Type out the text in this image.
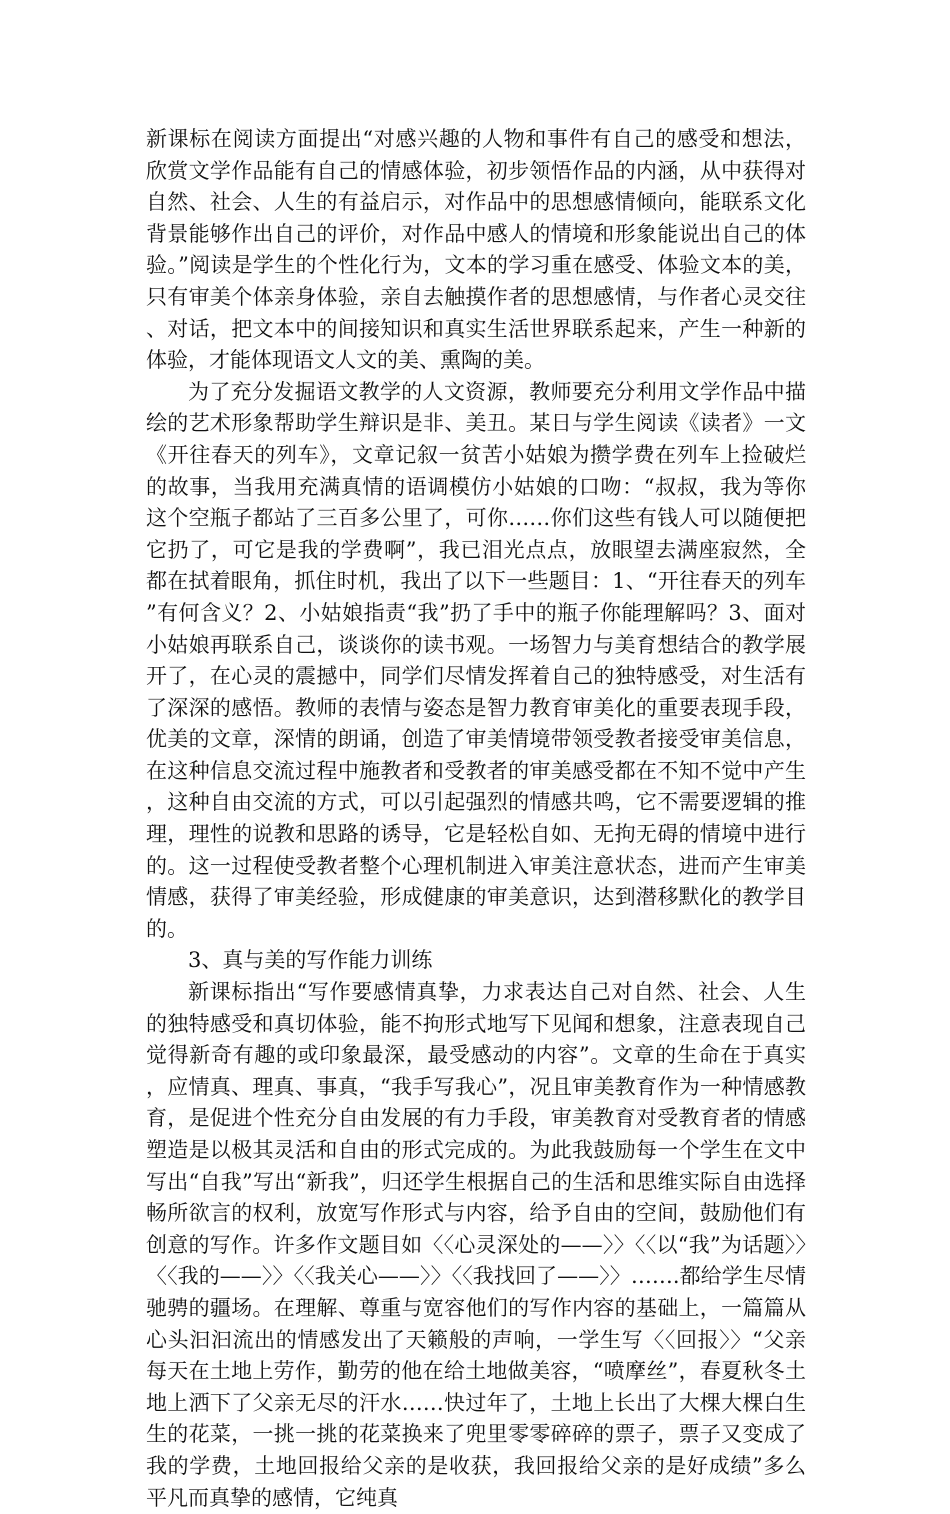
新课标在阅读方面提出“对感兴趣的人物和事件有自己的感受和想法，欣赏文学作品能有自己的情感体验，初步领悟作品的内涵，从中获得对自然、社会、人生的有益启示，对作品中的思想感情倾向，能联系文化背景能够作出自己的评价，对作品中感人的情境和形象能说出自己的体验。”阅读是学生的个性化行为，文本的学习重在感受、体验文本的美，只有审美个体亲身体验，亲自去触摸作者的思想感情，与作者心灵交往、对话，把文本中的间接知识和真实生活世界联系起来，产生一种新的体验，才能体现语文人文的美、熏陶的美。

为了充分发掘语文教学的人文资源，教师要充分利用文学作品中描绘的艺术形象帮助学生辩识是非、美丑。某日与学生阅读《读者》一文《开往春天的列车》，文章记叙一贫苦小姑娘为攒学费在列车上捡破烂的故事，当我用充满真情的语调模仿小姑娘的口吻：“叔叔，我为等你这个空瓶子都站了三百多公里了，可你……你们这些有钱人可以随便把它扔了，可它是我的学费啊”，我已泪光点点，放眼望去满座寂然，全都在拭着眼角，抓住时机，我出了以下一些题目：1、“开往春天的列车”有何含义？2、小姑娘指责“我”扔了手中的瓶子你能理解吗？3、面对小姑娘再联系自己，谈谈你的读书观。一场智力与美育想结合的教学展开了，在心灵的震撼中，同学们尽情发挥着自己的独特感受，对生活有了深深的感悟。教师的表情与姿态是智力教育审美化的重要表现手段，优美的文章，深情的朗诵，创造了审美情境带领受教者接受审美信息，在这种信息交流过程中施教者和受教者的审美感受都在不知不觉中产生，这种自由交流的方式，可以引起强烈的情感共鸣，它不需要逻辑的推理，理性的说教和思路的诱导，它是轻松自如、无拘无碍的情境中进行的。这一过程使受教者整个心理机制进入审美注意状态，进而产生审美情感，获得了审美经验，形成健康的审美意识，达到潜移默化的教学目的。

3、真与美的写作能力训练

新课标指出“写作要感情真挚，力求表达自己对自然、社会、人生的独特感受和真切体验，能不拘形式地写下见闻和想象，注意表现自己觉得新奇有趣的或印象最深，最受感动的内容”。文章的生命在于真实，应情真、理真、事真，“我手写我心”，况且审美教育作为一种情感教育，是促进个性充分自由发展的有力手段，审美教育对受教育者的情感塑造是以极其灵活和自由的形式完成的。为此我鼓励每一个学生在文中写出“自我”写出“新我”，归还学生根据自己的生活和思维实际自由选择畅所欲言的权利，放宽写作形式与内容，给予自由的空间，鼓励他们有创意的写作。许多作文题目如〈〈心灵深处的——〉〉〈〈以“我”为话题〉〉〈〈我的——〉〉〈〈我关心——〉〉〈〈我找回了——〉〉…….都给学生尽情驰骋的疆场。在理解、尊重与宽容他们的写作内容的基础上，一篇篇从心头汩汩流出的情感发出了天籁般的声响，一学生写〈〈回报〉〉“父亲每天在土地上劳作，勤劳的他在给土地做美容，“喷摩丝”，春夏秋冬土地上洒下了父亲无尽的汗水……快过年了，土地上长出了大棵大棵白生生的花菜，一挑一挑的花菜换来了兜里零零碎碎的票子，票子又变成了我的学费，土地回报给父亲的是收获，我回报给父亲的是好成绩”多么平凡而真挚的感情，它纯真
